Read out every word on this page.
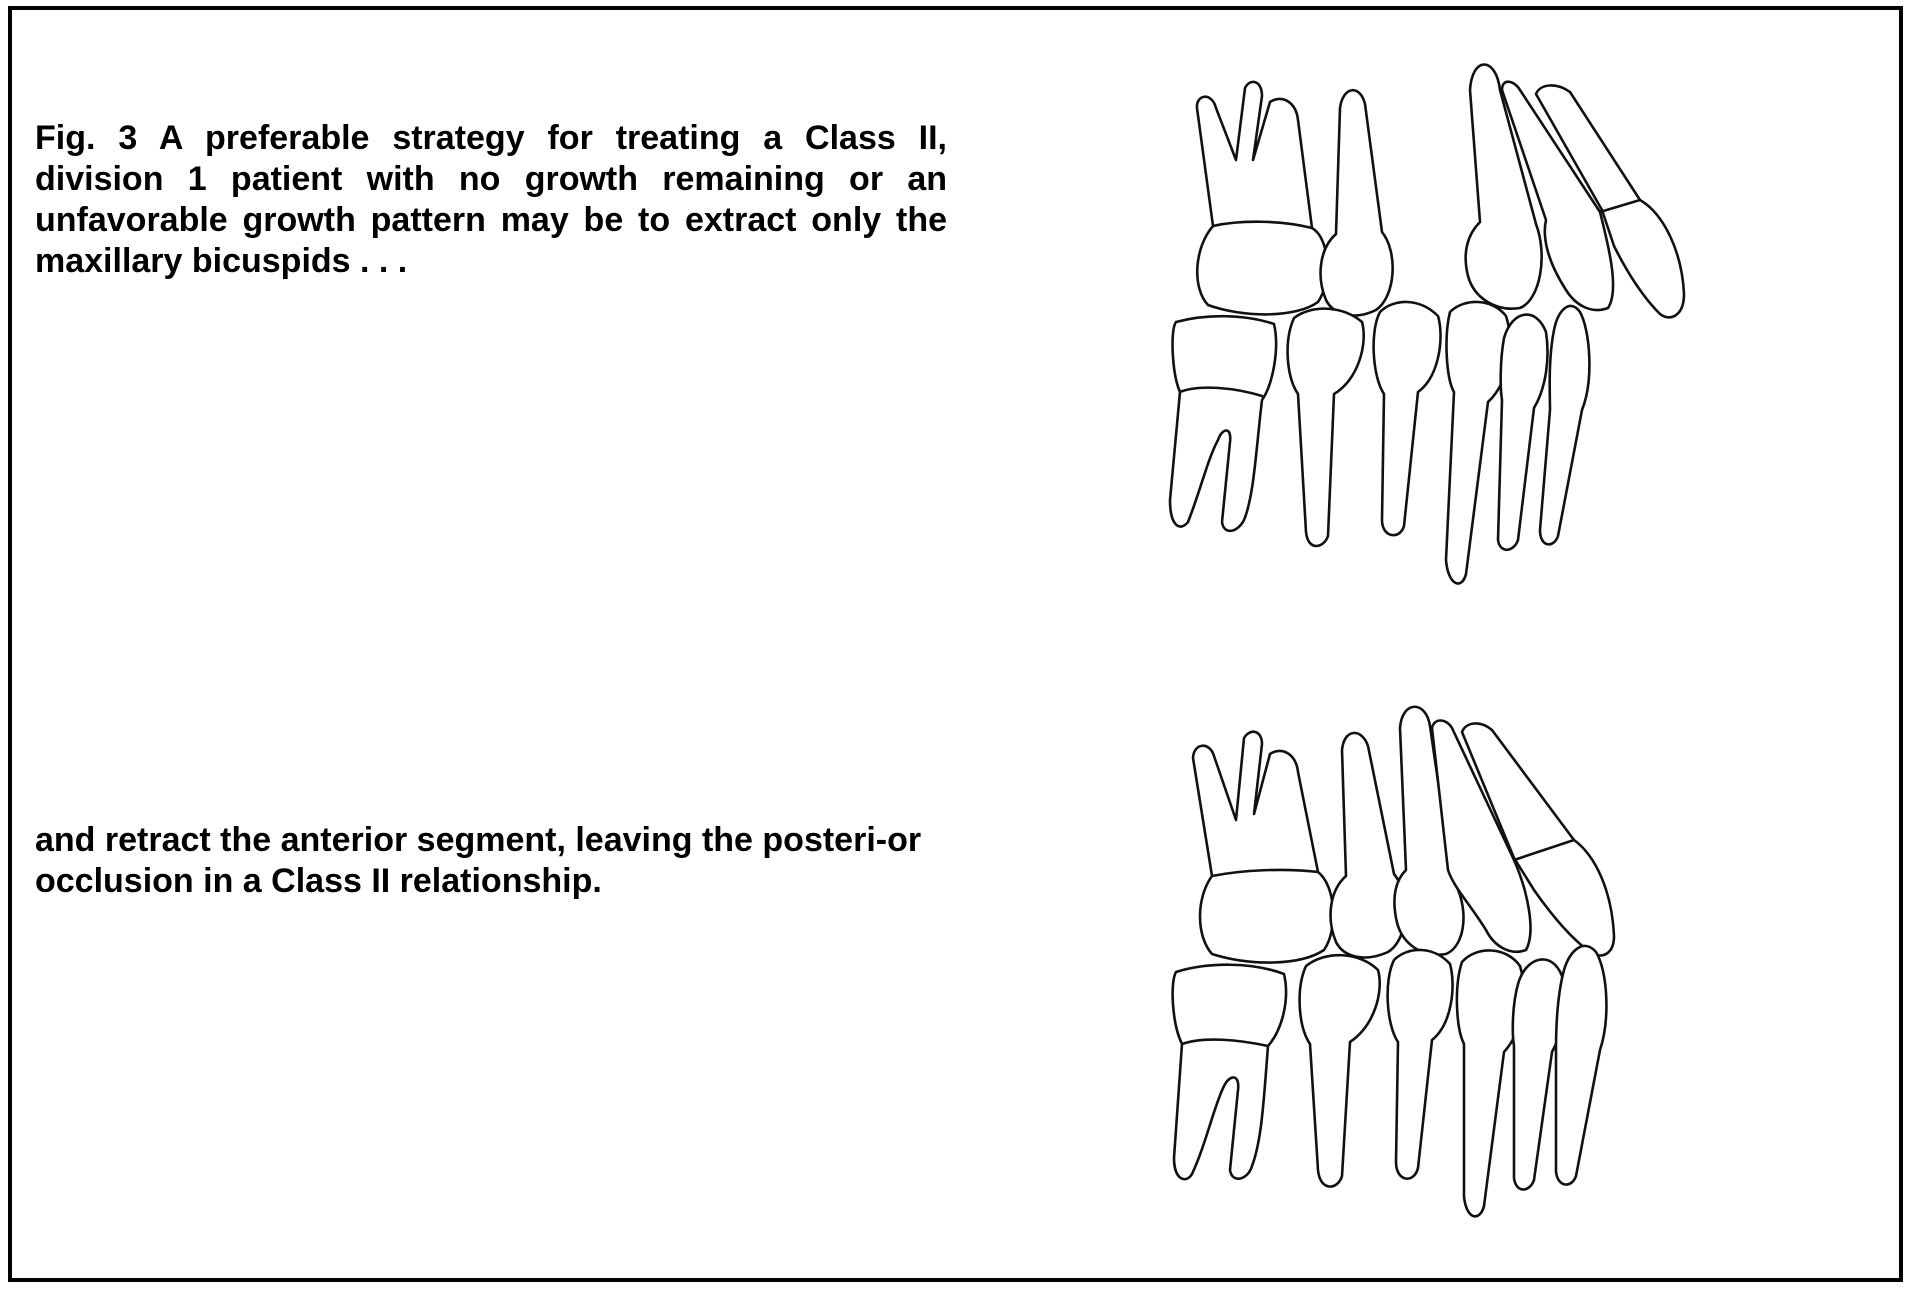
Fig. 3 A preferable strategy for treating a Class II, division 1 patient with no growth remaining or an unfavorable growth pattern may be to extract only the maxillary bicuspids . . .

and retract the anterior segment, leaving the posteri-or occlusion in a Class II relationship.
